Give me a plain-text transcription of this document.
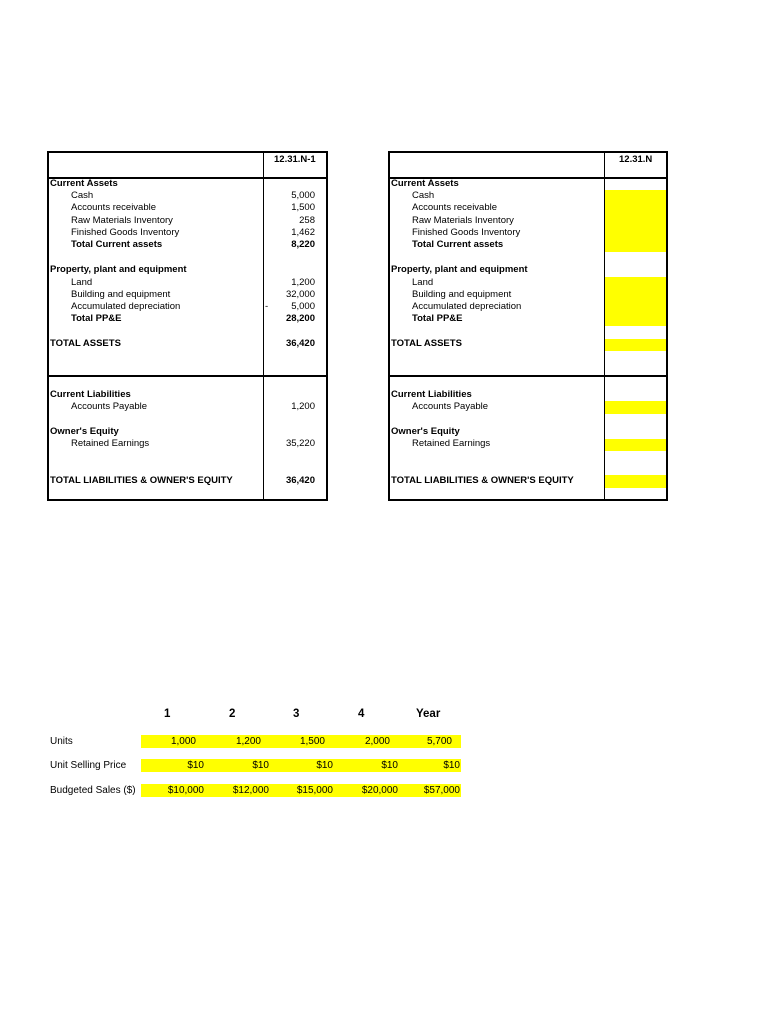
12.31.N-1
Current Assets
Cash	5,000
Accounts receivable	1,500
Raw Materials Inventory	258
Finished Goods Inventory	1,462
Total Current assets	8,220
Property, plant and equipment
Land	1,200
Building and equipment	32,000
Accumulated depreciation	- 5,000
Total PP&E	28,200
TOTAL ASSETS	36,420
Current Liabilities
Accounts Payable	1,200
Owner's Equity
Retained Earnings	35,220
TOTAL LIABILITIES & OWNER'S EQUITY	36,420
12.31.N
Current Assets
Cash
Accounts receivable
Raw Materials Inventory
Finished Goods Inventory
Total Current assets
Property, plant and equipment
Land
Building and equipment
Accumulated depreciation
Total PP&E
TOTAL ASSETS
Current Liabilities
Accounts Payable
Owner's Equity
Retained Earnings
TOTAL LIABILITIES & OWNER'S EQUITY
1	2	3	4	Year
Units	1,000	1,200	1,500	2,000	5,700
Unit Selling Price	$10	$10	$10	$10	$10
Budgeted Sales ($)	$10,000	$12,000	$15,000	$20,000	$57,000
